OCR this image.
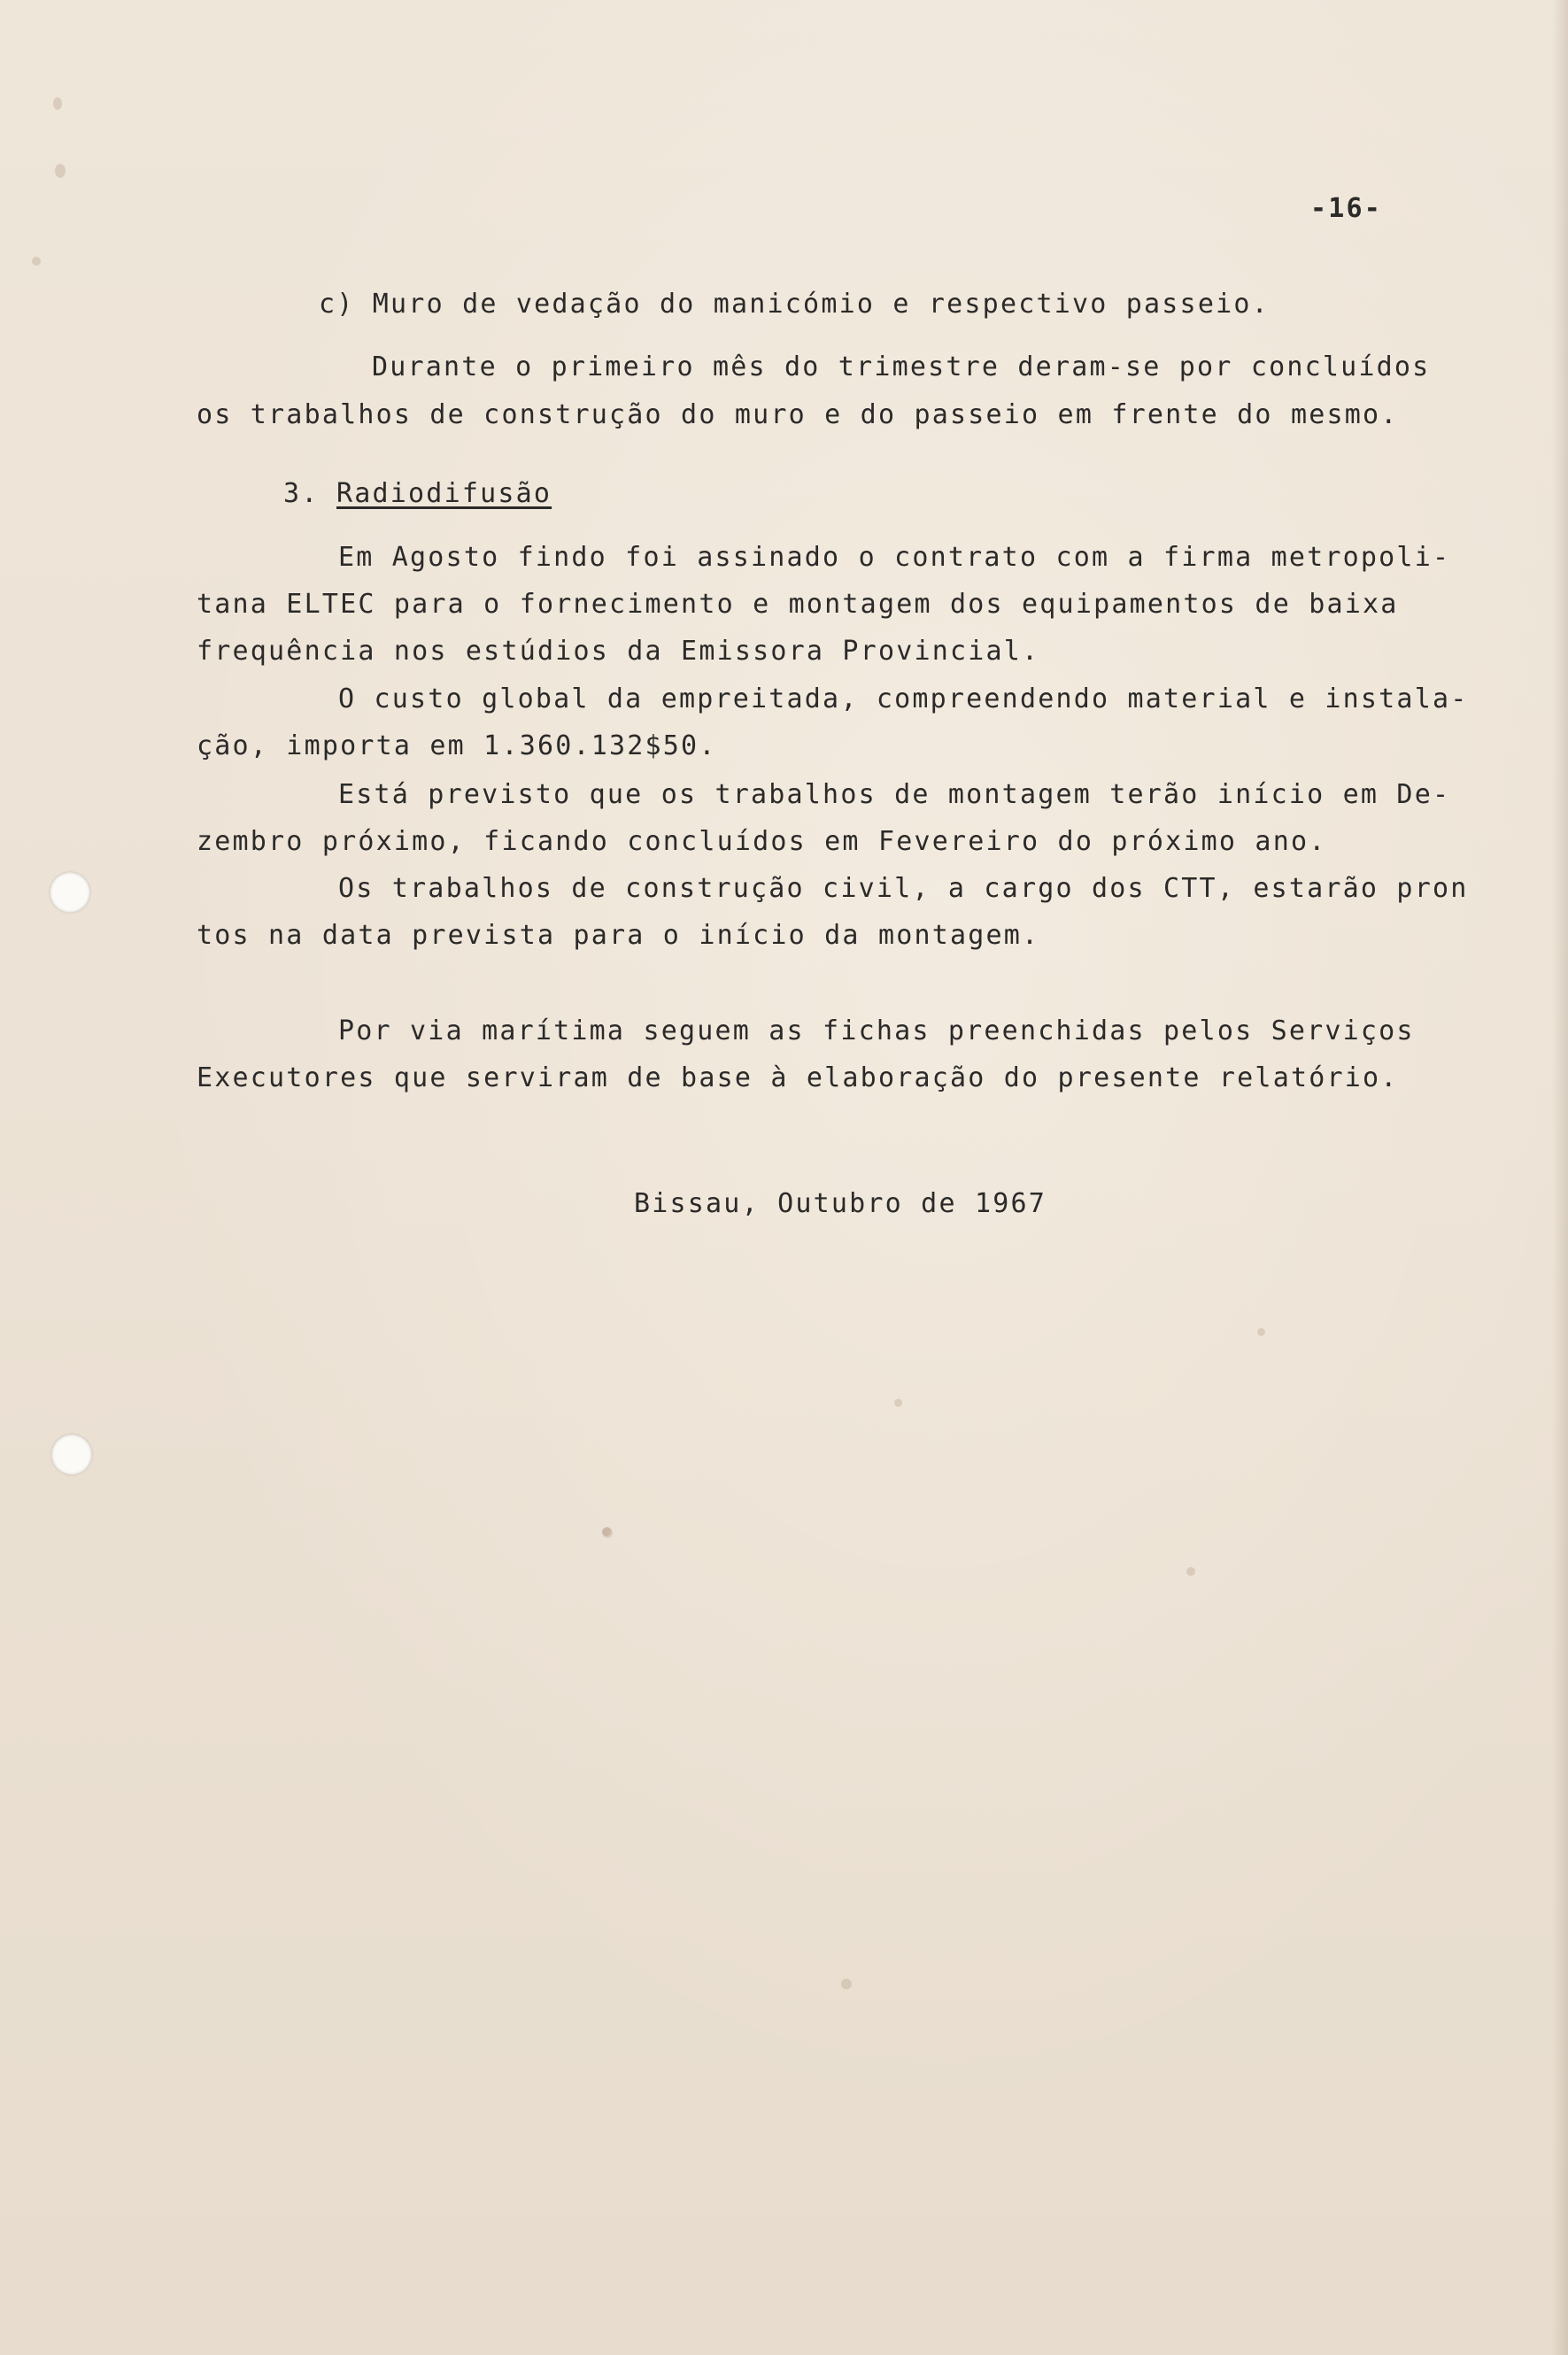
-16-
c) Muro de vedação do manicómio e respectivo passeio.
Durante o primeiro mês do trimestre deram-se por concluídos
os trabalhos de construção do muro e do passeio em frente do mesmo.
3. Radiodifusão
Em Agosto findo foi assinado o contrato com a firma metropoli-
tana ELTEC para o fornecimento e montagem dos equipamentos de baixa
frequência nos estúdios da Emissora Provincial.
O custo global da empreitada, compreendendo material e instala-
ção, importa em 1.360.132$50.
Está previsto que os trabalhos de montagem terão início em De-
zembro próximo, ficando concluídos em Fevereiro do próximo ano.
Os trabalhos de construção civil, a cargo dos CTT, estarão pron
tos na data prevista para o início da montagem.
Por via marítima seguem as fichas preenchidas pelos Serviços
Executores que serviram de base à elaboração do presente relatório.
Bissau, Outubro de 1967
